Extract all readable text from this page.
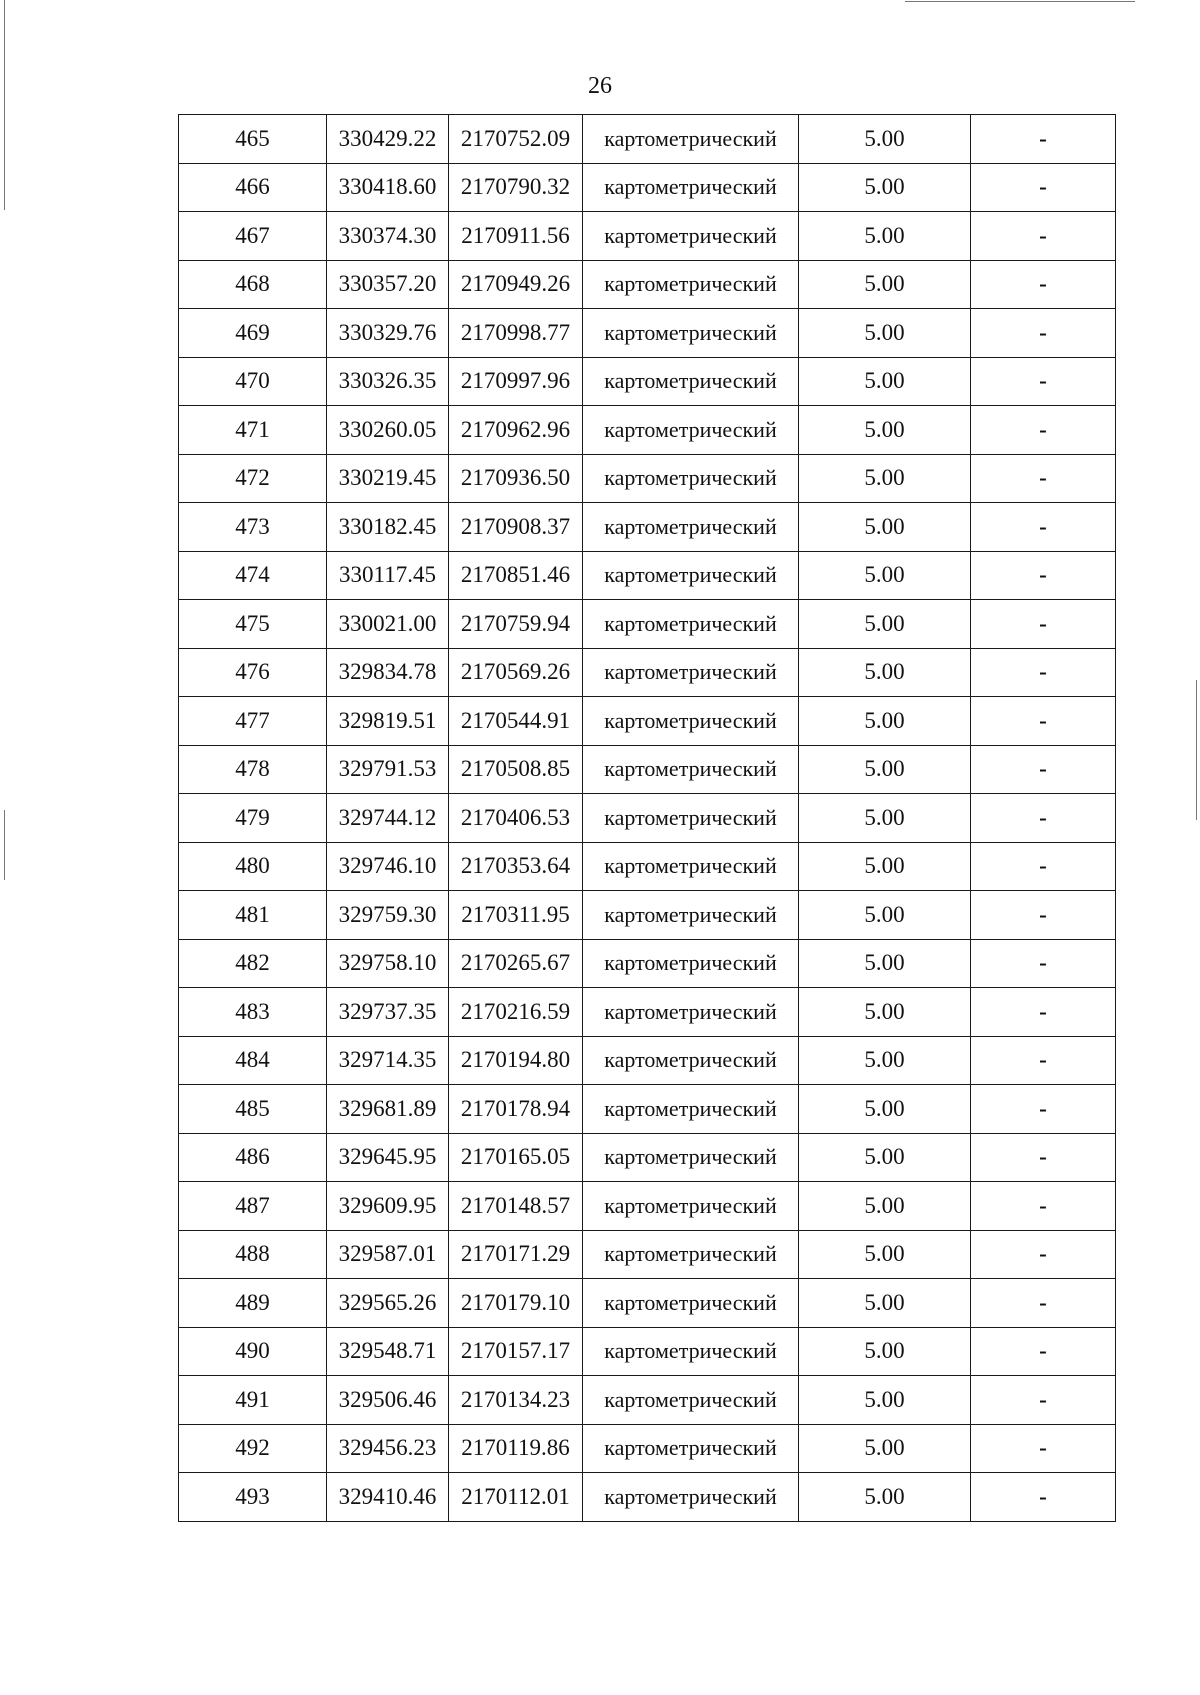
26
465	330429.22	2170752.09	картометрический	5.00	-
466	330418.60	2170790.32	картометрический	5.00	-
467	330374.30	2170911.56	картометрический	5.00	-
468	330357.20	2170949.26	картометрический	5.00	-
469	330329.76	2170998.77	картометрический	5.00	-
470	330326.35	2170997.96	картометрический	5.00	-
471	330260.05	2170962.96	картометрический	5.00	-
472	330219.45	2170936.50	картометрический	5.00	-
473	330182.45	2170908.37	картометрический	5.00	-
474	330117.45	2170851.46	картометрический	5.00	-
475	330021.00	2170759.94	картометрический	5.00	-
476	329834.78	2170569.26	картометрический	5.00	-
477	329819.51	2170544.91	картометрический	5.00	-
478	329791.53	2170508.85	картометрический	5.00	-
479	329744.12	2170406.53	картометрический	5.00	-
480	329746.10	2170353.64	картометрический	5.00	-
481	329759.30	2170311.95	картометрический	5.00	-
482	329758.10	2170265.67	картометрический	5.00	-
483	329737.35	2170216.59	картометрический	5.00	-
484	329714.35	2170194.80	картометрический	5.00	-
485	329681.89	2170178.94	картометрический	5.00	-
486	329645.95	2170165.05	картометрический	5.00	-
487	329609.95	2170148.57	картометрический	5.00	-
488	329587.01	2170171.29	картометрический	5.00	-
489	329565.26	2170179.10	картометрический	5.00	-
490	329548.71	2170157.17	картометрический	5.00	-
491	329506.46	2170134.23	картометрический	5.00	-
492	329456.23	2170119.86	картометрический	5.00	-
493	329410.46	2170112.01	картометрический	5.00	-
